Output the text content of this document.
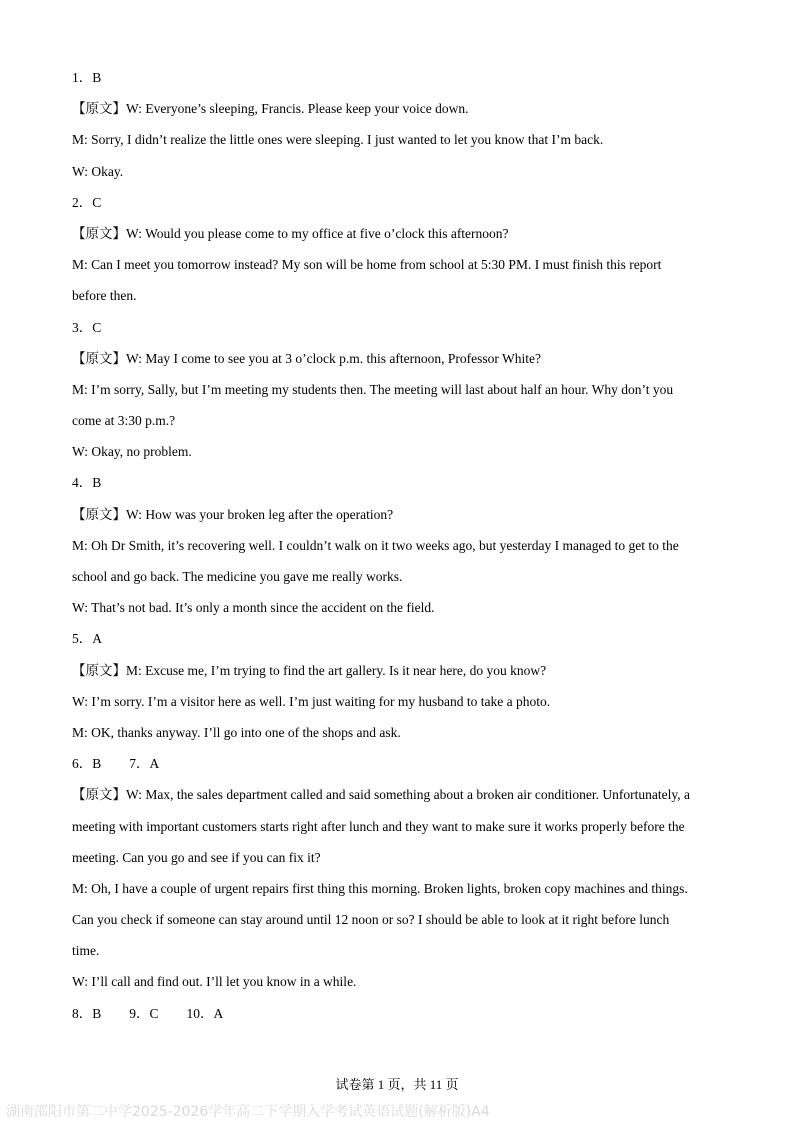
1．B
【原文】W: Everyone’s sleeping, Francis. Please keep your voice down.
M: Sorry, I didn’t realize the little ones were sleeping. I just wanted to let you know that I’m back.
W: Okay.
2．C
【原文】W: Would you please come to my office at five o’clock this afternoon?
M: Can I meet you tomorrow instead? My son will be home from school at 5:30 PM. I must finish this report
before then.
3．C
【原文】W: May I come to see you at 3 o’clock p.m. this afternoon, Professor White?
M: I’m sorry, Sally, but I’m meeting my students then. The meeting will last about half an hour. Why don’t you
come at 3:30 p.m.?
W: Okay, no problem.
4．B
【原文】W: How was your broken leg after the operation?
M: Oh Dr Smith, it’s recovering well. I couldn’t walk on it two weeks ago, but yesterday I managed to get to the
school and go back. The medicine you gave me really works.
W: That’s not bad. It’s only a month since the accident on the field.
5．A
【原文】M: Excuse me, I’m trying to find the art gallery. Is it near here, do you know?
W: I’m sorry. I’m a visitor here as well. I’m just waiting for my husband to take a photo.
M: OK, thanks anyway. I’ll go into one of the shops and ask.
6．B 7．A
【原文】W: Max, the sales department called and said something about a broken air conditioner. Unfortunately, a
meeting with important customers starts right after lunch and they want to make sure it works properly before the
meeting. Can you go and see if you can fix it?
M: Oh, I have a couple of urgent repairs first thing this morning. Broken lights, broken copy machines and things.
Can you check if someone can stay around until 12 noon or so? I should be able to look at it right before lunch
time.
W: I’ll call and find out. I’ll let you know in a while.
8．B 9．C 10．A
试卷第 1 页，共 11 页
湖南邵阳市第二中学2025-2026学年高二下学期入学考试英语试题(解析版)A4
